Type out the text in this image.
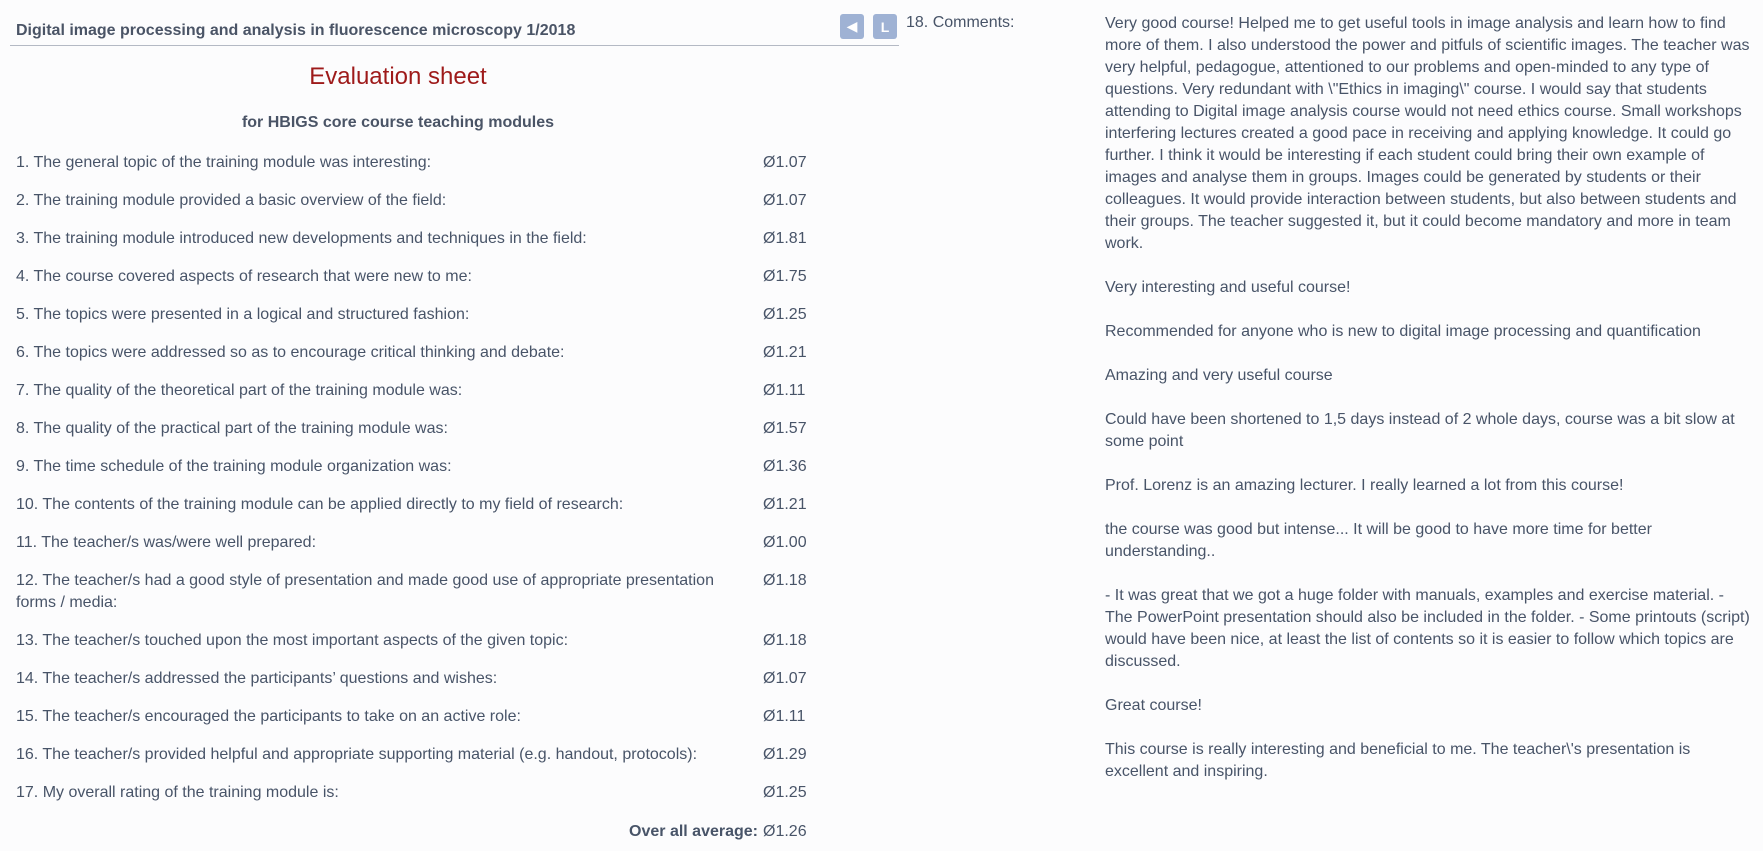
Digital image processing and analysis in fluorescence microscopy 1/2018	◀	L
Evaluation sheet
for HBIGS core course teaching modules
1. The general topic of the training module was interesting:	Ø1.07
2. The training module provided a basic overview of the field:	Ø1.07
3. The training module introduced new developments and techniques in the field:	Ø1.81
4. The course covered aspects of research that were new to me:	Ø1.75
5. The topics were presented in a logical and structured fashion:	Ø1.25
6. The topics were addressed so as to encourage critical thinking and debate:	Ø1.21
7. The quality of the theoretical part of the training module was:	Ø1.11
8. The quality of the practical part of the training module was:	Ø1.57
9. The time schedule of the training module organization was:	Ø1.36
10. The contents of the training module can be applied directly to my field of research:	Ø1.21
11. The teacher/s was/were well prepared:	Ø1.00
12. The teacher/s had a good style of presentation and made good use of appropriate presentation forms / media:
Ø1.18
13. The teacher/s touched upon the most important aspects of the given topic:	Ø1.18
14. The teacher/s addressed the participants’ questions and wishes:	Ø1.07
15. The teacher/s encouraged the participants to take on an active role:	Ø1.11
16. The teacher/s provided helpful and appropriate supporting material (e.g. handout, protocols):	Ø1.29
17. My overall rating of the training module is:	Ø1.25
Over all average: Ø1.26
18. Comments:	Very good course! Helped me to get useful tools in image analysis and learn how to find more of them. I also understood the power and pitfuls of scientific images. The teacher was very helpful, pedagogue, attentioned to our problems and open-minded to any type of questions. Very redundant with \"Ethics in imaging\" course. I would say that students attending to Digital image analysis course would not need ethics course. Small workshops interfering lectures created a good pace in receiving and applying knowledge. It could go further. I think it would be interesting if each student could bring their own example of images and analyse them in groups. Images could be generated by students or their colleagues. It would provide interaction between students, but also between students and their groups. The teacher suggested it, but it could become mandatory and more in team work.
Very interesting and useful course!
Recommended for anyone who is new to digital image processing and quantification
Amazing and very useful course
Could have been shortened to 1,5 days instead of 2 whole days, course was a bit slow at some point
Prof. Lorenz is an amazing lecturer. I really learned a lot from this course!
the course was good but intense... It will be good to have more time for better understanding..
- It was great that we got a huge folder with manuals, examples and exercise material. - The PowerPoint presentation should also be included in the folder. - Some printouts (script) would have been nice, at least the list of contents so it is easier to follow which topics are discussed.
Great course!
This course is really interesting and beneficial to me. The teacher\'s presentation is excellent and inspiring.
